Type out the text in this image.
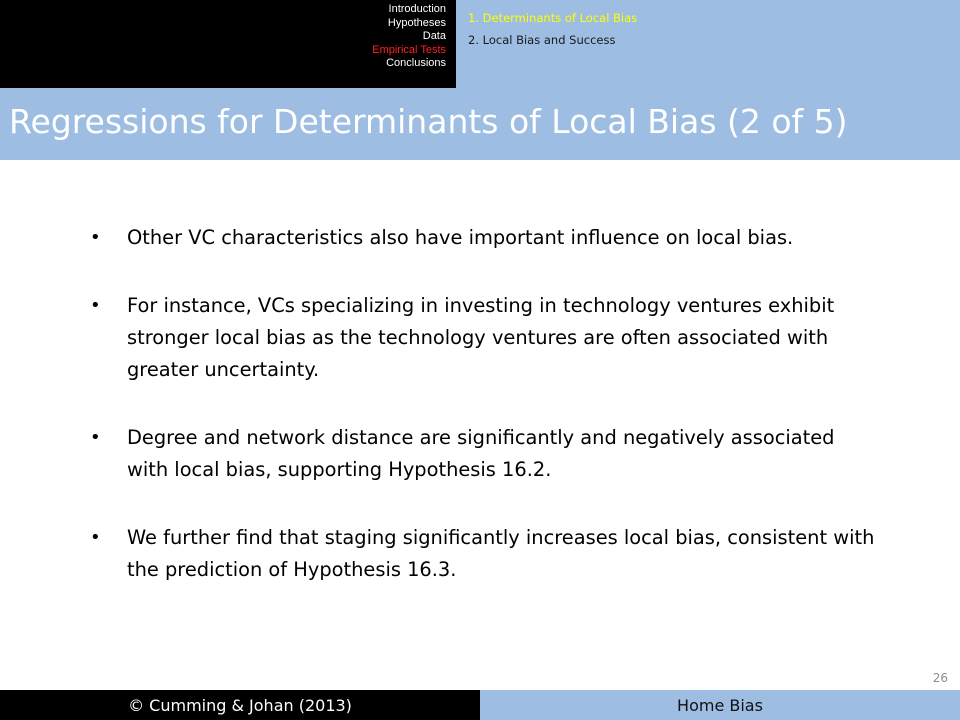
Introduction
Hypotheses
Data
Empirical Tests
Conclusions
1. Determinants of Local Bias
2. Local Bias and Success
Regressions for Determinants of Local Bias (2 of 5)
• Other VC characteristics also have important influence on local bias.
• For instance, VCs specializing in investing in technology ventures exhibit stronger local bias as the technology ventures are often associated with greater uncertainty.
• Degree and network distance are significantly and negatively associated with local bias, supporting Hypothesis 16.2.
• We further find that staging significantly increases local bias, consistent with the prediction of Hypothesis 16.3.
26
© Cumming & Johan (2013)	Home Bias
